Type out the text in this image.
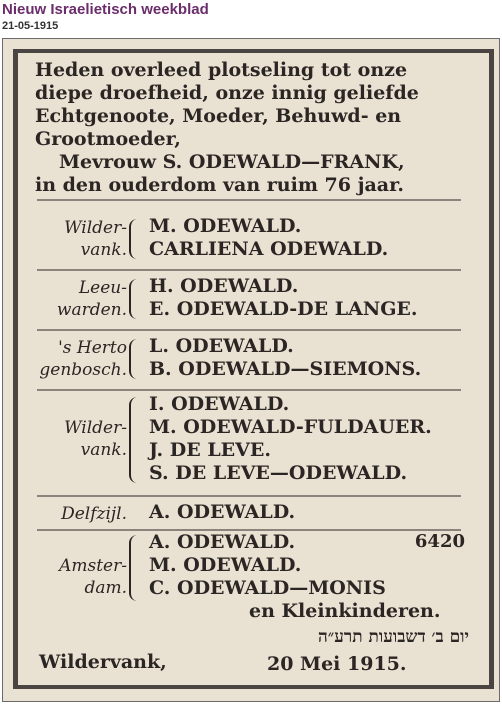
Nieuw Israelietisch weekblad

21-05-1915

Heden overleed plotseling tot onze
diepe droefheid, onze innig geliefde
Echtgenoote, Moeder, Behuwd- en
Grootmoeder,
Mevrouw S. ODEWALD—FRANK,
in den ouderdom van ruim 76 jaar.
Wilder-
vank.
M. ODEWALD.
CARLIENA ODEWALD.
Leeu-
warden.
H. ODEWALD.
E. ODEWALD-DE LANGE.
's Herto
genbosch.
L. ODEWALD.
B. ODEWALD—SIEMONS.
Wilder-
vank.
I. ODEWALD.
M. ODEWALD-FULDAUER.
J. DE LEVE.
S. DE LEVE—ODEWALD.
Delfzijl. A. ODEWALD.
Amster-
dam.
A. ODEWALD.
M. ODEWALD.
C. ODEWALD—MONIS
en Kleinkinderen.
6420
יום ב׳ דשבועות תרע״ה
Wildervank,	20 Mei 1915.
